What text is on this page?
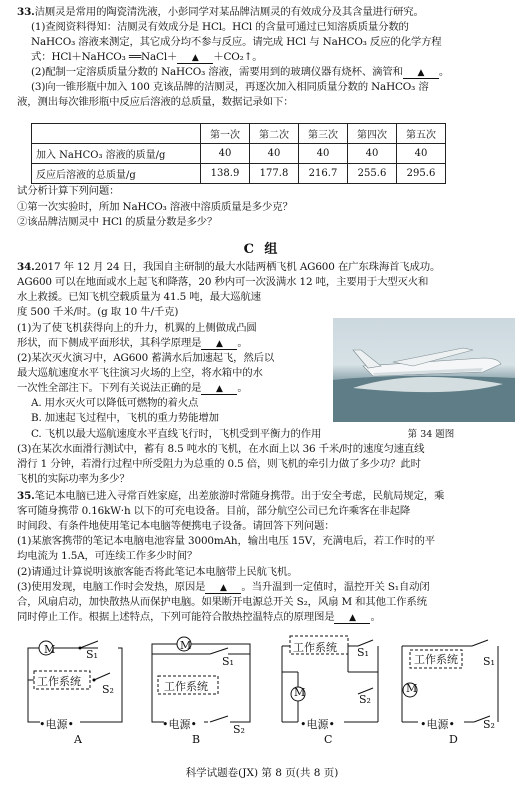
33.洁厕灵是常用的陶瓷清洗液，小彭同学对某品牌洁厕灵的有效成分及其含量进行研究。

(1)查阅资料得知：洁厕灵有效成分是 HCl。HCl 的含量可通过已知溶质质量分数的

NaHCO₃ 溶液来测定，其它成分均不参与反应。请完成 HCl 与 NaHCO₃ 反应的化学方程

式：HCl＋NaHCO₃ ══NaCl＋ ▲ ＋CO₂↑。

(2)配制一定溶质质量分数的 NaHCO₃ 溶液，需要用到的玻璃仪器有烧杯、滴管和 ▲ 。

(3)向一锥形瓶中加入 100 克该品牌的洁厕灵，再逐次加入相同质量分数的 NaHCO₃ 溶

液，测出每次锥形瓶中反应后溶液的总质量，数据记录如下：

	第一次	第二次	第三次	第四次	第五次
加入 NaHCO₃ 溶液的质量/g	40	40	40	40	40
反应后溶液的总质量/g	138.9	177.8	216.7	255.6	295.6

试分析计算下列问题：

①第一次实验时，所加 NaHCO₃ 溶液中溶质质量是多少克？

②该品牌洁厕灵中 HCl 的质量分数是多少？

C 组

34.2017 年 12 月 24 日，我国自主研制的最大水陆两栖飞机 AG600 在广东珠海首飞成功。

AG600 可以在地面或水上起飞和降落，20 秒内可一次汲满水 12 吨，主要用于大型灭火和

水上救援。已知飞机空载质量为 41.5 吨，最大巡航速

度 500 千米/时。(g 取 10 牛/千克)

(1)为了使飞机获得向上的升力，机翼的上侧做成凸圆

形状，而下侧成平面形状，其科学原理是 ▲ 。

(2)某次灭火演习中，AG600 蓄满水后加速起飞，然后以

最大巡航速度水平飞往演习火场的上空，将水箱中的水

一次性全部注下。下列有关说法正确的是 ▲ 。

A. 用水灭火可以降低可燃物的着火点

B. 加速起飞过程中，飞机的重力势能增加

C. 飞机以最大巡航速度水平直线飞行时，飞机受到平衡力的作用	第 34 题图

(3)在某次水面滑行测试中，蓄有 8.5 吨水的飞机，在水面上以 36 千米/时的速度匀速直线

滑行 1 分钟，若滑行过程中所受阻力为总重的 0.5 倍，则飞机的牵引力做了多少功？此时

飞机的实际功率为多少？

35.笔记本电脑已进入寻常百姓家庭，出差旅游时常随身携带。出于安全考虑，民航局规定，乘

客可随身携带 0.16kW·h 以下的可充电设备。目前，部分航空公司已允许乘客在非起降

时间段、有条件地使用笔记本电脑等便携电子设备。请回答下列问题：

(1)某旅客携带的笔记本电脑电池容量 3000mAh，输出电压 15V，充满电后，若工作时的平

均电流为 1.5A，可连续工作多少时间？

(2)请通过计算说明该旅客能否将此笔记本电脑带上民航飞机。

(3)使用发现，电脑工作时会发热，原因是 ▲ 。当升温到一定值时，温控开关 S₁自动闭

合，风扇启动，加快散热从而保护电脑。如果断开电源总开关 S₂，风扇 M 和其他工作系统

同时停止工作。根据上述特点，下列可能符合散热控温特点的原理图是 ▲ 。

M	S₁
工作系统
S₂
•电源•
A
M
S₁
工作系统
S₂
•电源•
B
工作系统 S₁
M
S₂
•电源•
C
工作系统 S₁
M
S₂
•电源•
D
科学试题卷(JX) 第 8 页(共 8 页)
